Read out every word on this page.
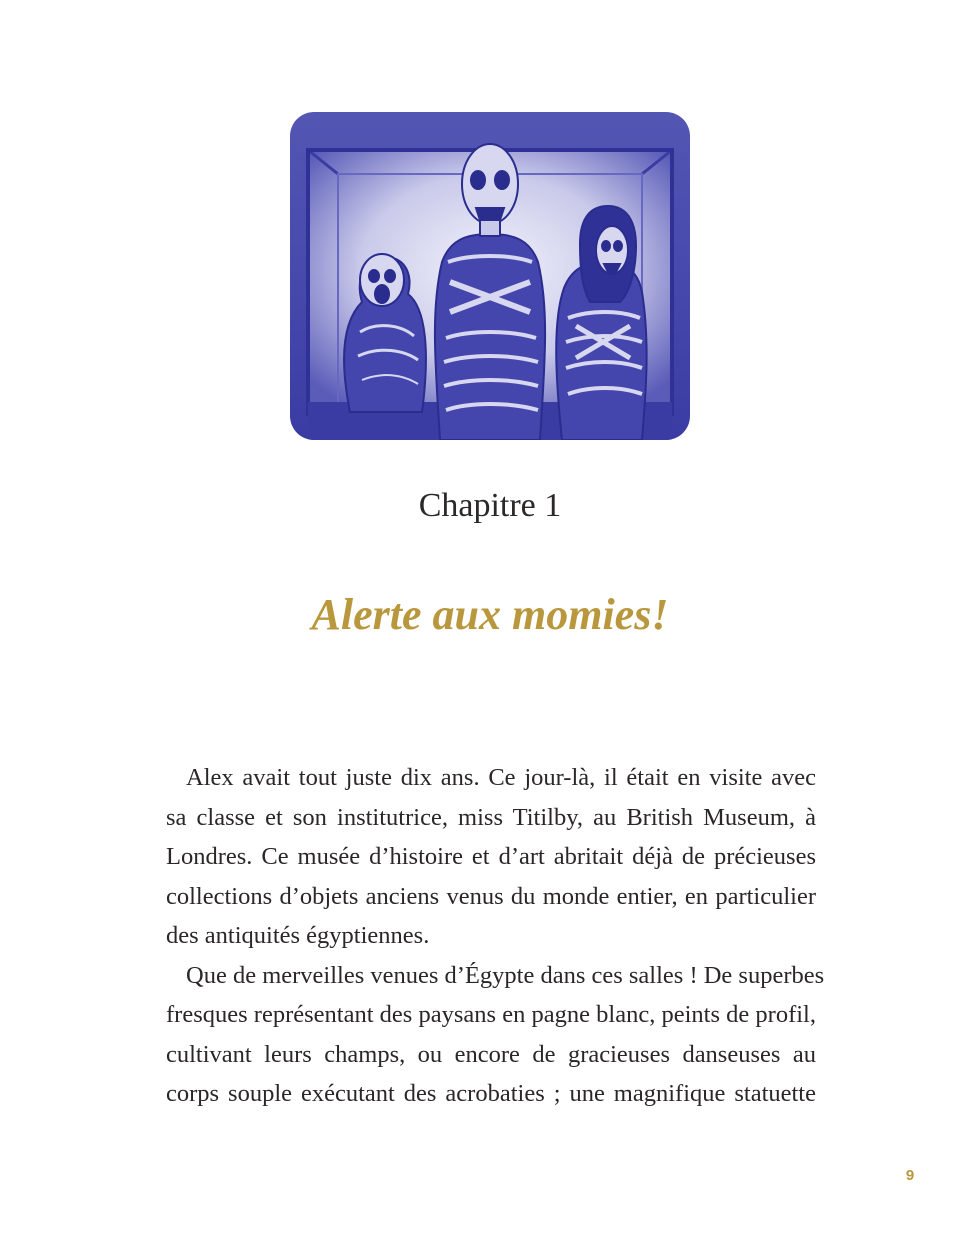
Chapitre 1
Alerte aux momies!
Alex avait tout juste dix ans. Ce jour-là, il était en visite avec
sa classe et son institutrice, miss Titilby, au British Museum, à
Londres. Ce musée d’histoire et d’art abritait déjà de précieuses
collections d’objets anciens venus du monde entier, en particulier
des antiquités égyptiennes.
Que de merveilles venues d’Égypte dans ces salles ! De superbes
fresques représentant des paysans en pagne blanc, peints de profil,
cultivant leurs champs, ou encore de gracieuses danseuses au
corps souple exécutant des acrobaties ; une magnifique statuette
9
